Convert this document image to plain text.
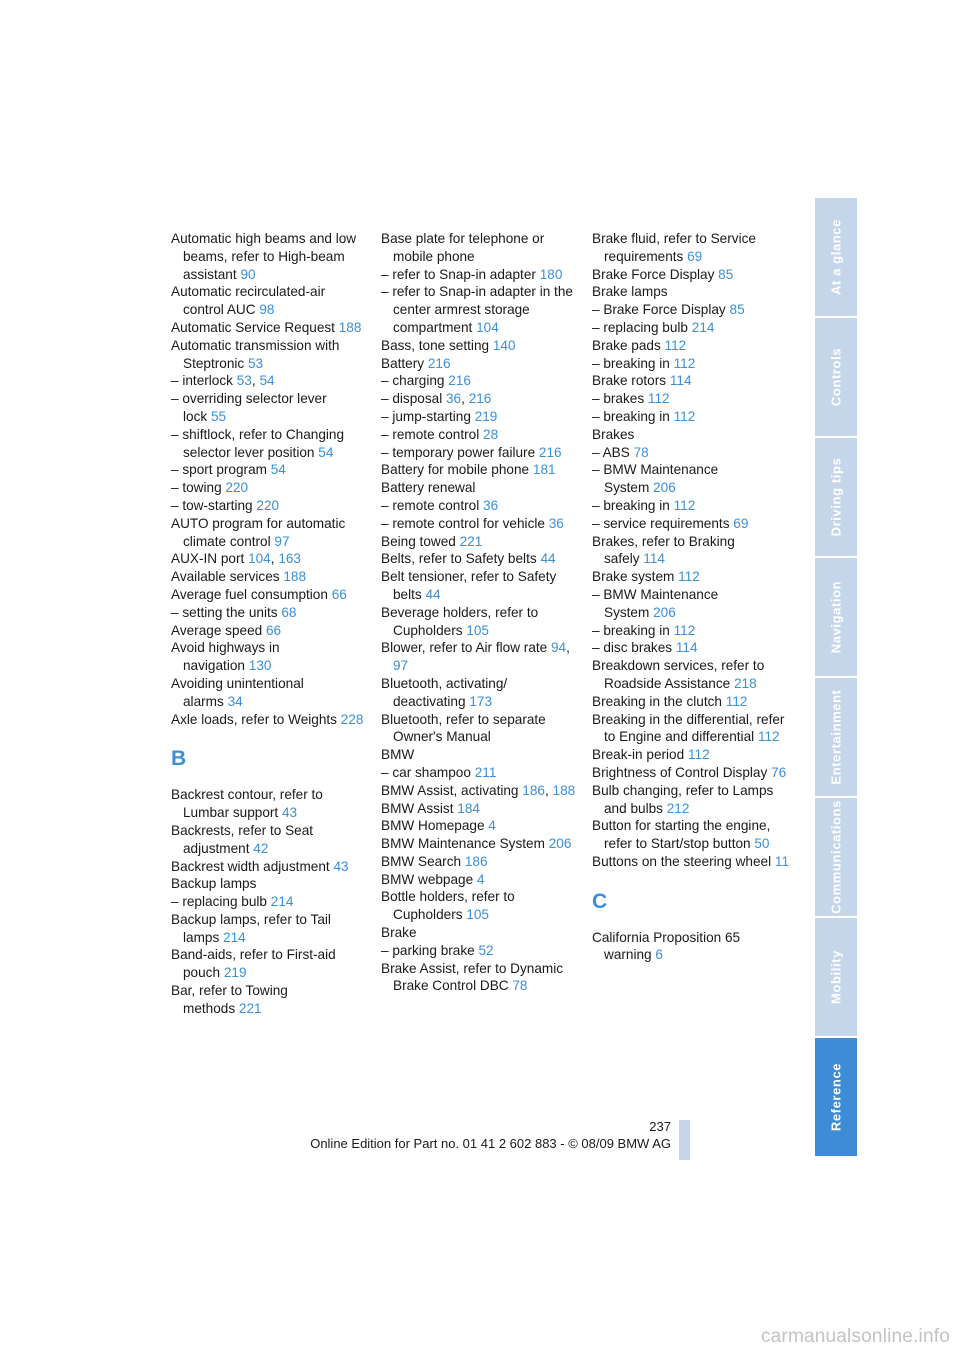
Automatic high beams and low beams, refer to High-beam assistant 90
Automatic recirculated-air control AUC 98
Automatic Service Request 188
Automatic transmission with Steptronic 53
– interlock 53, 54
– overriding selector lever lock 55
– shiftlock, refer to Changing selector lever position 54
– sport program 54
– towing 220
– tow-starting 220
AUTO program for automatic climate control 97
AUX-IN port 104, 163
Available services 188
Average fuel consumption 66
– setting the units 68
Average speed 66
Avoid highways in navigation 130
Avoiding unintentional alarms 34
Axle loads, refer to Weights 228
B
Backrest contour, refer to Lumbar support 43
Backrests, refer to Seat adjustment 42
Backrest width adjustment 43
Backup lamps
– replacing bulb 214
Backup lamps, refer to Tail lamps 214
Band-aids, refer to First-aid pouch 219
Bar, refer to Towing methods 221
Base plate for telephone or mobile phone
– refer to Snap-in adapter 180
– refer to Snap-in adapter in the center armrest storage compartment 104
Bass, tone setting 140
Battery 216
– charging 216
– disposal 36, 216
– jump-starting 219
– remote control 28
– temporary power failure 216
Battery for mobile phone 181
Battery renewal
– remote control 36
– remote control for vehicle 36
Being towed 221
Belts, refer to Safety belts 44
Belt tensioner, refer to Safety belts 44
Beverage holders, refer to Cupholders 105
Blower, refer to Air flow rate 94, 97
Bluetooth, activating/ deactivating 173
Bluetooth, refer to separate Owner's Manual
BMW
– car shampoo 211
BMW Assist, activating 186, 188
BMW Assist 184
BMW Homepage 4
BMW Maintenance System 206
BMW Search 186
BMW webpage 4
Bottle holders, refer to Cupholders 105
Brake
– parking brake 52
Brake Assist, refer to Dynamic Brake Control DBC 78
Brake fluid, refer to Service requirements 69
Brake Force Display 85
Brake lamps
– Brake Force Display 85
– replacing bulb 214
Brake pads 112
– breaking in 112
Brake rotors 114
– brakes 112
– breaking in 112
Brakes
– ABS 78
– BMW Maintenance System 206
– breaking in 112
– service requirements 69
Brakes, refer to Braking safely 114
Brake system 112
– BMW Maintenance System 206
– breaking in 112
– disc brakes 114
Breakdown services, refer to Roadside Assistance 218
Breaking in the clutch 112
Breaking in the differential, refer to Engine and differential 112
Break-in period 112
Brightness of Control Display 76
Bulb changing, refer to Lamps and bulbs 212
Button for starting the engine, refer to Start/stop button 50
Buttons on the steering wheel 11
C
California Proposition 65 warning 6
At a glance
Controls
Driving tips
Navigation
Entertainment
Communications
Mobility
Reference
237
Online Edition for Part no. 01 41 2 602 883 - © 08/09 BMW AG
carmanualsonline.info
